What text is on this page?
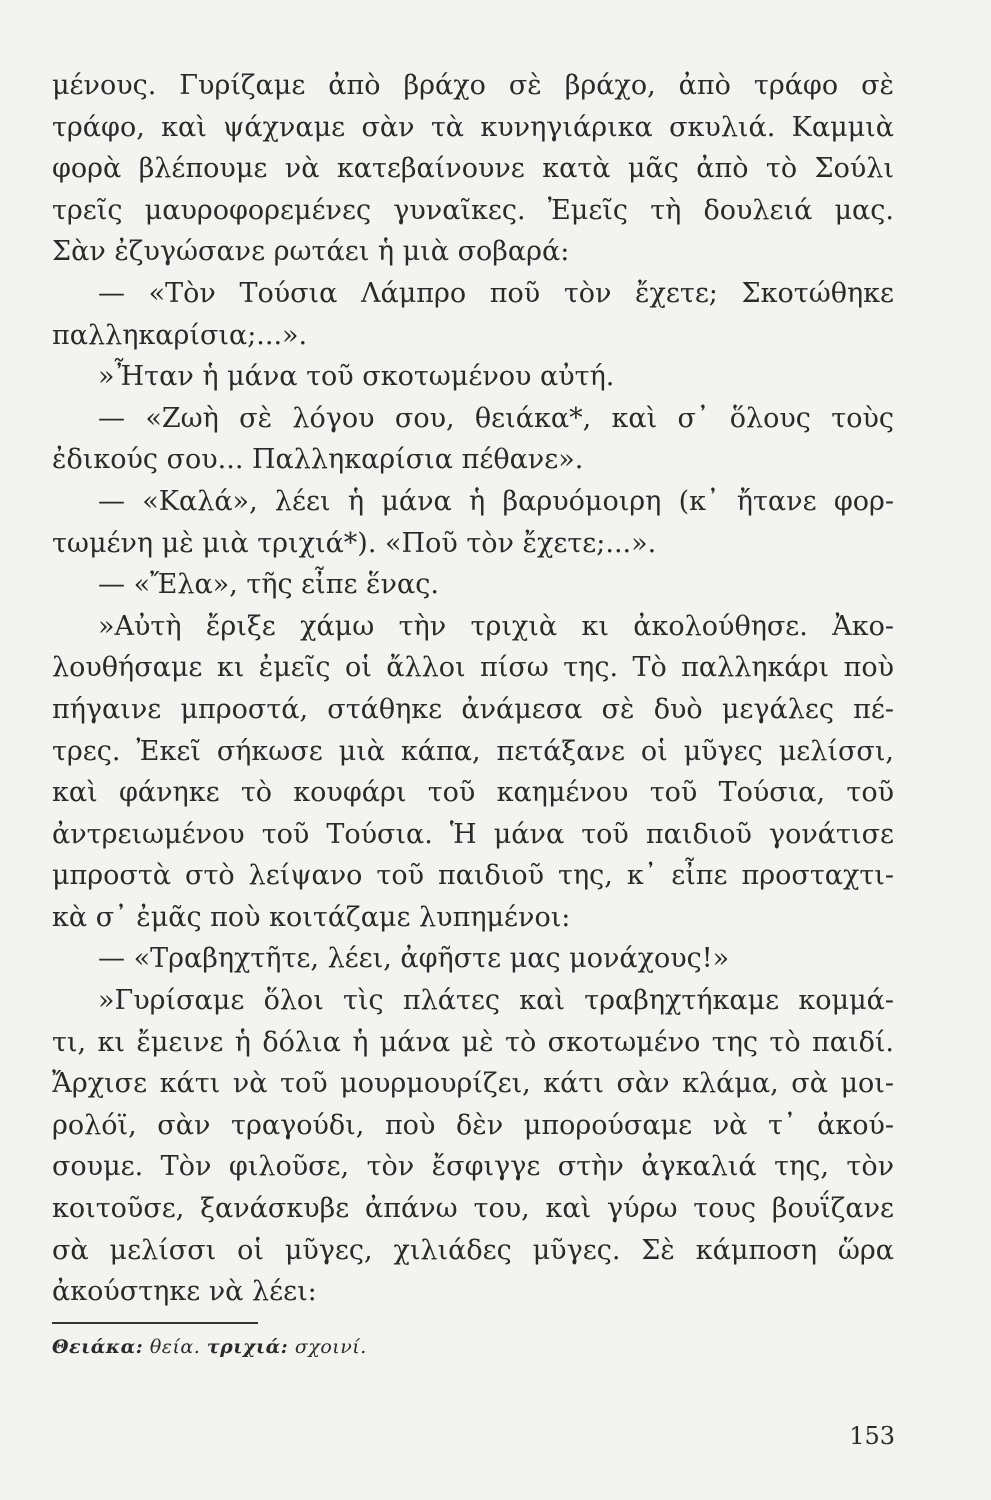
μένους. Γυρίζαμε ἀπὸ βράχο σὲ βράχο, ἀπὸ τράφο σὲ
τράφο, καὶ ψάχναμε σὰν τὰ κυνηγιάρικα σκυλιά. Καμμιὰ
φορὰ βλέπουμε νὰ κατεβαίνουνε κατὰ μᾶς ἀπὸ τὸ Σούλι
τρεῖς μαυροφορεμένες γυναῖκες. Ἐμεῖς τὴ δουλειά μας.
Σὰν ἐζυγώσανε ρωτάει ἡ μιὰ σοβαρά:
— «Τὸν Τούσια Λάμπρο ποῦ τὸν ἔχετε; Σκοτώθηκε
παλληκαρίσια;...».
»Ἦταν ἡ μάνα τοῦ σκοτωμένου αὐτή.
— «Ζωὴ σὲ λόγου σου, θειάκα*, καὶ σ᾿ ὅλους τοὺς
ἐδικούς σου... Παλληκαρίσια πέθανε».
— «Καλά», λέει ἡ μάνα ἡ βαρυόμοιρη (κ᾿ ἤτανε φορ-
τωμένη μὲ μιὰ τριχιά*). «Ποῦ τὸν ἔχετε;...».
— «Ἔλα», τῆς εἶπε ἕνας.
»Αὐτὴ ἔριξε χάμω τὴν τριχιὰ κι ἀκολούθησε. Ἀκο-
λουθήσαμε κι ἐμεῖς οἱ ἄλλοι πίσω της. Τὸ παλληκάρι ποὺ
πήγαινε μπροστά, στάθηκε ἀνάμεσα σὲ δυὸ μεγάλες πέ-
τρες. Ἐκεῖ σήκωσε μιὰ κάπα, πετάξανε οἱ μῦγες μελίσσι,
καὶ φάνηκε τὸ κουφάρι τοῦ καημένου τοῦ Τούσια, τοῦ
ἀντρειωμένου τοῦ Τούσια. Ἡ μάνα τοῦ παιδιοῦ γονάτισε
μπροστὰ στὸ λείψανο τοῦ παιδιοῦ της, κ᾿ εἶπε προσταχτι-
κὰ σ᾿ ἐμᾶς ποὺ κοιτάζαμε λυπημένοι:
— «Τραβηχτῆτε, λέει, ἀφῆστε μας μονάχους!»
»Γυρίσαμε ὅλοι τὶς πλάτες καὶ τραβηχτήκαμε κομμά-
τι, κι ἔμεινε ἡ δόλια ἡ μάνα μὲ τὸ σκοτωμένο της τὸ παιδί.
Ἄρχισε κάτι νὰ τοῦ μουρμουρίζει, κάτι σὰν κλάμα, σὰ μοι-
ρολόϊ, σὰν τραγούδι, ποὺ δὲν μπορούσαμε νὰ τ᾿ ἀκού-
σουμε. Τὸν φιλοῦσε, τὸν ἔσφιγγε στὴν ἀγκαλιά της, τὸν
κοιτοῦσε, ξανάσκυβε ἀπάνω του, καὶ γύρω τους βουΐζανε
σὰ μελίσσι οἱ μῦγες, χιλιάδες μῦγες. Σὲ κάμποση ὥρα
ἀκούστηκε νὰ λέει:
Θειάκα: θεία. τριχιά: σχοινί.
153
